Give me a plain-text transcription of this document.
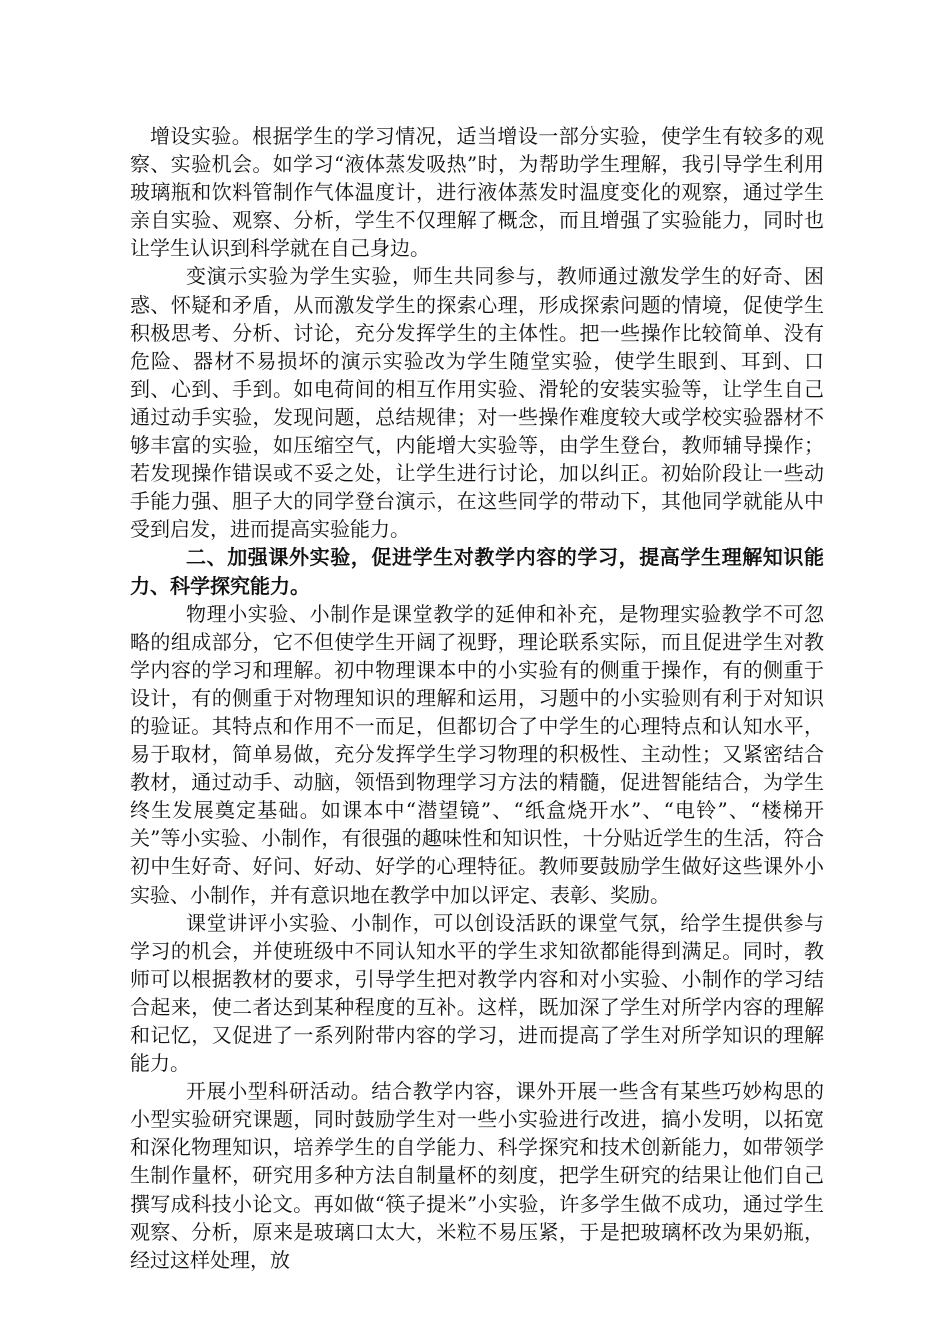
增设实验。根据学生的学习情况，适当增设一部分实验，使学生有较多的观察、实验机会。如学习“液体蒸发吸热”时，为帮助学生理解，我引导学生利用玻璃瓶和饮料管制作气体温度计，进行液体蒸发时温度变化的观察，通过学生亲自实验、观察、分析，学生不仅理解了概念，而且增强了实验能力，同时也让学生认识到科学就在自己身边。

变演示实验为学生实验，师生共同参与，教师通过激发学生的好奇、困惑、怀疑和矛盾，从而激发学生的探索心理，形成探索问题的情境，促使学生积极思考、分析、讨论，充分发挥学生的主体性。把一些操作比较简单、没有危险、器材不易损坏的演示实验改为学生随堂实验，使学生眼到、耳到、口到、心到、手到。如电荷间的相互作用实验、滑轮的安装实验等，让学生自己通过动手实验，发现问题，总结规律；对一些操作难度较大或学校实验器材不够丰富的实验，如压缩空气，内能增大实验等，由学生登台，教师辅导操作；若发现操作错误或不妥之处，让学生进行讨论，加以纠正。初始阶段让一些动手能力强、胆子大的同学登台演示，在这些同学的带动下，其他同学就能从中受到启发，进而提高实验能力。

二、加强课外实验，促进学生对教学内容的学习，提高学生理解知识能力、科学探究能力。

物理小实验、小制作是课堂教学的延伸和补充，是物理实验教学不可忽略的组成部分，它不但使学生开阔了视野，理论联系实际，而且促进学生对教学内容的学习和理解。初中物理课本中的小实验有的侧重于操作，有的侧重于设计，有的侧重于对物理知识的理解和运用，习题中的小实验则有利于对知识的验证。其特点和作用不一而足，但都切合了中学生的心理特点和认知水平，易于取材，简单易做，充分发挥学生学习物理的积极性、主动性；又紧密结合教材，通过动手、动脑，领悟到物理学习方法的精髓，促进智能结合，为学生终生发展奠定基础。如课本中“潜望镜”、“纸盒烧开水”、“电铃”、“楼梯开关”等小实验、小制作，有很强的趣味性和知识性，十分贴近学生的生活，符合初中生好奇、好问、好动、好学的心理特征。教师要鼓励学生做好这些课外小实验、小制作，并有意识地在教学中加以评定、表彰、奖励。

课堂讲评小实验、小制作，可以创设活跃的课堂气氛，给学生提供参与学习的机会，并使班级中不同认知水平的学生求知欲都能得到满足。同时，教师可以根据教材的要求，引导学生把对教学内容和对小实验、小制作的学习结合起来，使二者达到某种程度的互补。这样，既加深了学生对所学内容的理解和记忆，又促进了一系列附带内容的学习，进而提高了学生对所学知识的理解能力。

开展小型科研活动。结合教学内容，课外开展一些含有某些巧妙构思的小型实验研究课题，同时鼓励学生对一些小实验进行改进，搞小发明，以拓宽和深化物理知识，培养学生的自学能力、科学探究和技术创新能力，如带领学生制作量杯，研究用多种方法自制量杯的刻度，把学生研究的结果让他们自己撰写成科技小论文。再如做“筷子提米”小实验，许多学生做不成功，通过学生观察、分析，原来是玻璃口太大，米粒不易压紧，于是把玻璃杯改为果奶瓶，经过这样处理，放
